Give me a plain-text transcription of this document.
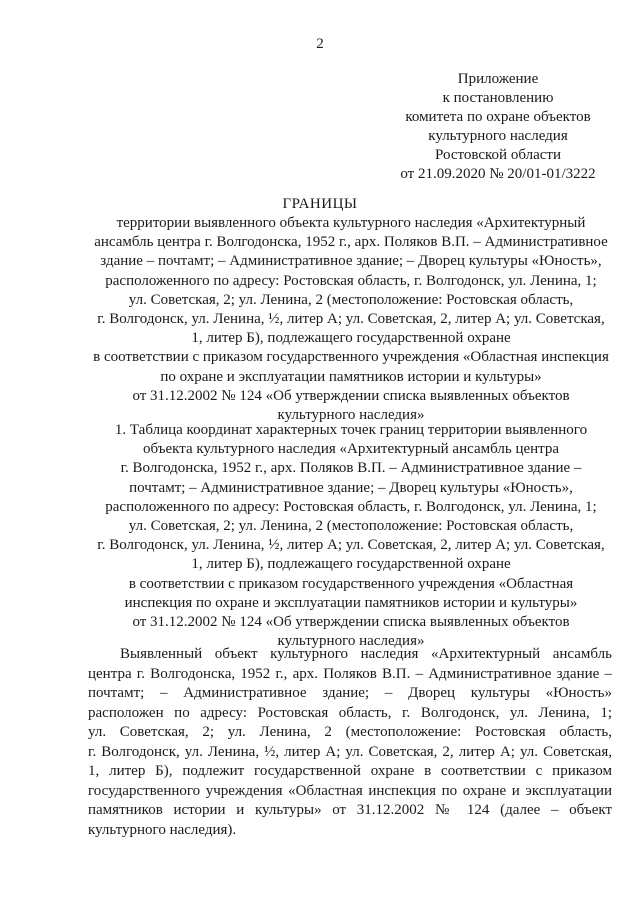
2
Приложение
к постановлению
комитета по охране объектов
культурного наследия
Ростовской области
от 21.09.2020 № 20/01-01/3222
ГРАНИЦЫ
территории выявленного объекта культурного наследия «Архитектурный
ансамбль центра г. Волгодонска, 1952 г., арх. Поляков В.П. – Административное
здание – почтамт; – Административное здание; – Дворец культуры «Юность»,
расположенного по адресу: Ростовская область, г. Волгодонск, ул. Ленина, 1;
ул. Советская, 2; ул. Ленина, 2 (местоположение: Ростовская область,
г. Волгодонск, ул. Ленина, ½, литер А; ул. Советская, 2, литер А; ул. Советская,
1, литер Б), подлежащего государственной охране
в соответствии с приказом государственного учреждения «Областная инспекция
по охране и эксплуатации памятников истории и культуры»
от 31.12.2002 № 124 «Об утверждении списка выявленных объектов
культурного наследия»
1. Таблица координат характерных точек границ территории выявленного
объекта культурного наследия «Архитектурный ансамбль центра
г. Волгодонска, 1952 г., арх. Поляков В.П. – Административное здание –
почтамт; – Административное здание; – Дворец культуры «Юность»,
расположенного по адресу: Ростовская область, г. Волгодонск, ул. Ленина, 1;
ул. Советская, 2; ул. Ленина, 2 (местоположение: Ростовская область,
г. Волгодонск, ул. Ленина, ½, литер А; ул. Советская, 2, литер А; ул. Советская,
1, литер Б), подлежащего государственной охране
в соответствии с приказом государственного учреждения «Областная
инспекция по охране и эксплуатации памятников истории и культуры»
от 31.12.2002 № 124 «Об утверждении списка выявленных объектов
культурного наследия»
Выявленный объект культурного наследия «Архитектурный ансамбль
центра г. Волгодонска, 1952 г., арх. Поляков В.П. – Административное здание –
почтамт; – Административное здание; – Дворец культуры «Юность»
расположен по адресу: Ростовская область, г. Волгодонск, ул. Ленина, 1;
ул. Советская, 2; ул. Ленина, 2 (местоположение: Ростовская область,
г. Волгодонск, ул. Ленина, ½, литер А; ул. Советская, 2, литер А; ул. Советская,
1, литер Б), подлежит государственной охране в соответствии с приказом
государственного учреждения «Областная инспекция по охране и эксплуатации
памятников истории и культуры» от 31.12.2002 № 124 (далее – объект
культурного наследия).
